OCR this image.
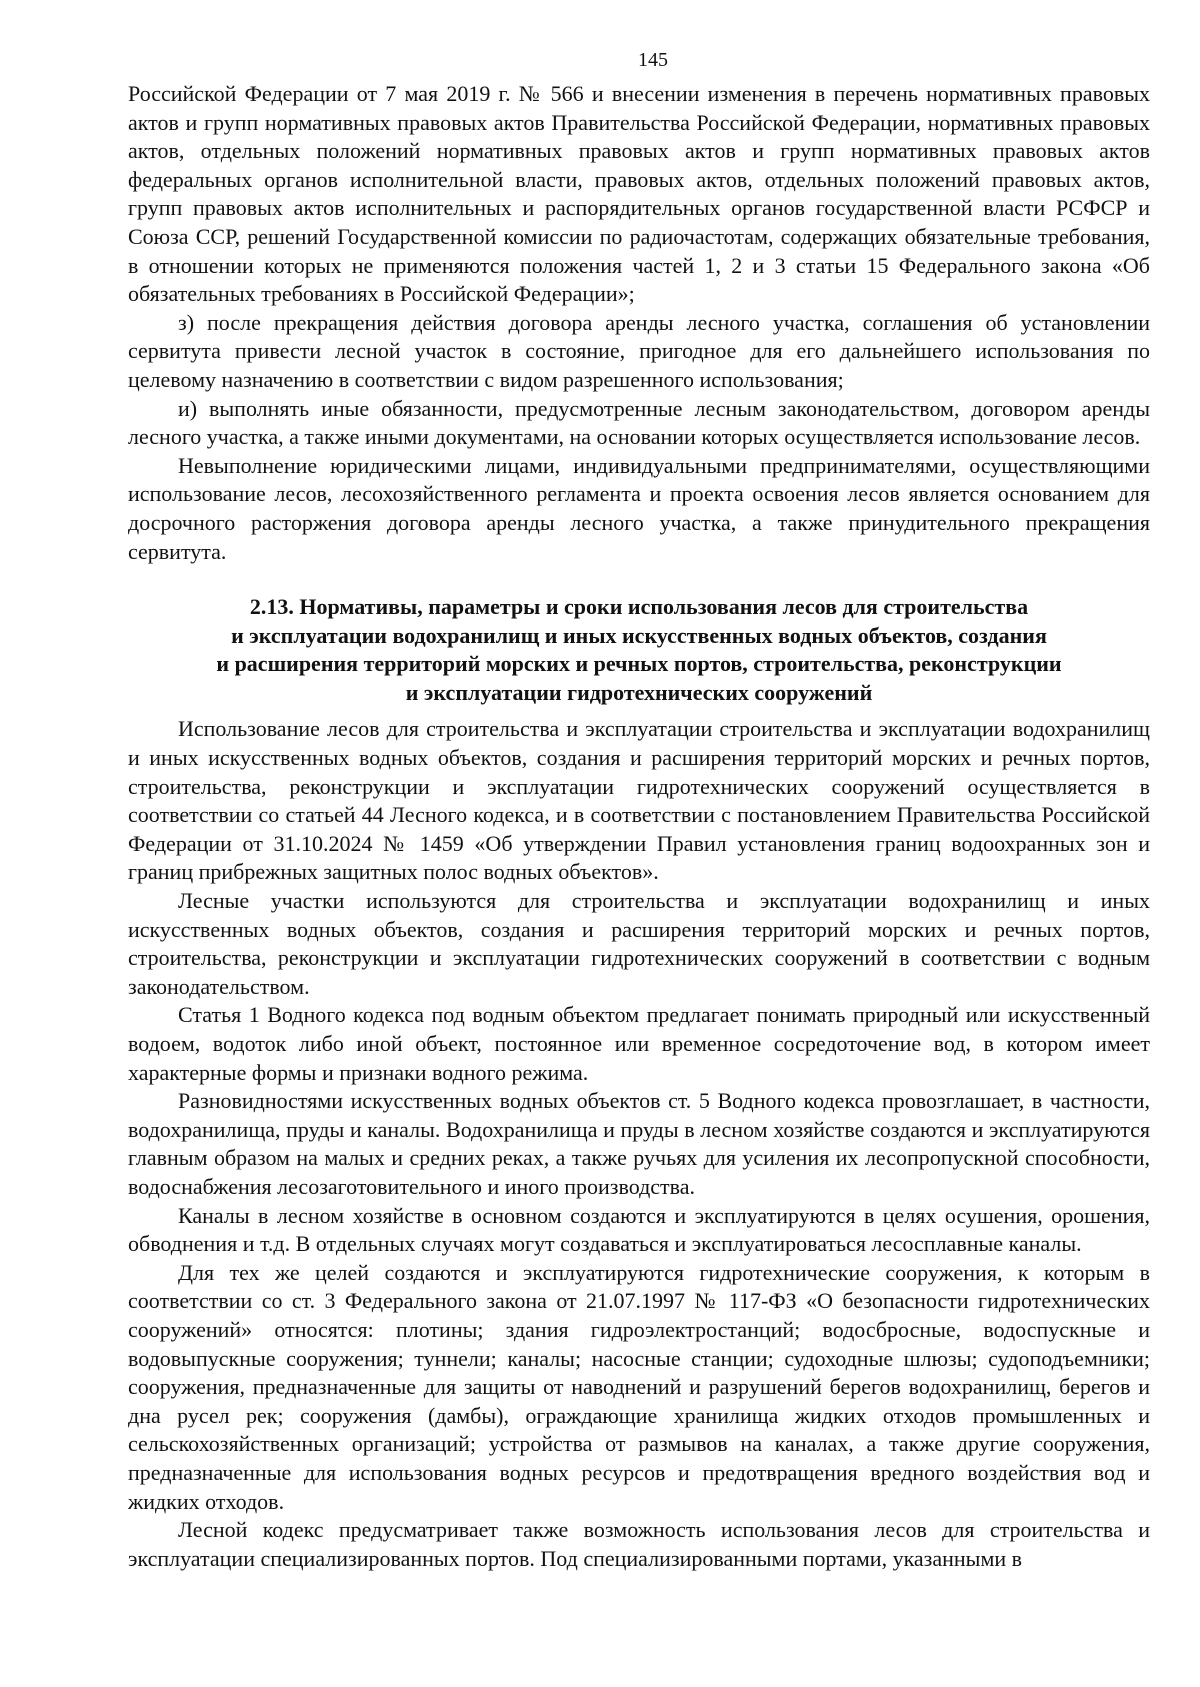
145

Российской Федерации от 7 мая 2019 г. № 566 и внесении изменения в перечень нормативных правовых актов и групп нормативных правовых актов Правительства Российской Федерации, нормативных правовых актов, отдельных положений нормативных правовых актов и групп нормативных правовых актов федеральных органов исполнительной власти, правовых актов, отдельных положений правовых актов, групп правовых актов исполнительных и распорядительных органов государственной власти РСФСР и Союза ССР, решений Государственной комиссии по радиочастотам, содержащих обязательные требования, в отношении которых не применяются положения частей 1, 2 и 3 статьи 15 Федерального закона «Об обязательных требованиях в Российской Федерации»;

з) после прекращения действия договора аренды лесного участка, соглашения об установлении сервитута привести лесной участок в состояние, пригодное для его дальнейшего использования по целевому назначению в соответствии с видом разрешенного использования;

и) выполнять иные обязанности, предусмотренные лесным законодательством, договором аренды лесного участка, а также иными документами, на основании которых осуществляется использование лесов.

Невыполнение юридическими лицами, индивидуальными предпринимателями, осуществляющими использование лесов, лесохозяйственного регламента и проекта освоения лесов является основанием для досрочного расторжения договора аренды лесного участка, а также принудительного прекращения сервитута.

2.13. Нормативы, параметры и сроки использования лесов для строительства
и эксплуатации водохранилищ и иных искусственных водных объектов, создания
и расширения территорий морских и речных портов, строительства, реконструкции
и эксплуатации гидротехнических сооружений

Использование лесов для строительства и эксплуатации строительства и эксплуатации водохранилищ и иных искусственных водных объектов, создания и расширения территорий морских и речных портов, строительства, реконструкции и эксплуатации гидротехнических сооружений осуществляется в соответствии со статьей 44 Лесного кодекса, и в соответствии с постановлением Правительства Российской Федерации от 31.10.2024 № 1459 «Об утверждении Правил установления границ водоохранных зон и границ прибрежных защитных полос водных объектов».

Лесные участки используются для строительства и эксплуатации водохранилищ и иных искусственных водных объектов, создания и расширения территорий морских и речных портов, строительства, реконструкции и эксплуатации гидротехнических сооружений в соответствии с водным законодательством.

Статья 1 Водного кодекса под водным объектом предлагает понимать природный или искусственный водоем, водоток либо иной объект, постоянное или временное сосредоточение вод, в котором имеет характерные формы и признаки водного режима.

Разновидностями искусственных водных объектов ст. 5 Водного кодекса провозглашает, в частности, водохранилища, пруды и каналы. Водохранилища и пруды в лесном хозяйстве создаются и эксплуатируются главным образом на малых и средних реках, а также ручьях для усиления их лесопропускной способности, водоснабжения лесозаготовительного и иного производства.

Каналы в лесном хозяйстве в основном создаются и эксплуатируются в целях осушения, орошения, обводнения и т.д. В отдельных случаях могут создаваться и эксплуатироваться лесосплавные каналы.

Для тех же целей создаются и эксплуатируются гидротехнические сооружения, к которым в соответствии со ст. 3 Федерального закона от 21.07.1997 № 117-ФЗ «О безопасности гидротехнических сооружений» относятся: плотины; здания гидроэлектростанций; водосбросные, водоспускные и водовыпускные сооружения; туннели; каналы; насосные станции; судоходные шлюзы; судоподъемники; сооружения, предназначенные для защиты от наводнений и разрушений берегов водохранилищ, берегов и дна русел рек; сооружения (дамбы), ограждающие хранилища жидких отходов промышленных и сельскохозяйственных организаций; устройства от размывов на каналах, а также другие сооружения, предназначенные для использования водных ресурсов и предотвращения вредного воздействия вод и жидких отходов.

Лесной кодекс предусматривает также возможность использования лесов для строительства и эксплуатации специализированных портов. Под специализированными портами, указанными в
